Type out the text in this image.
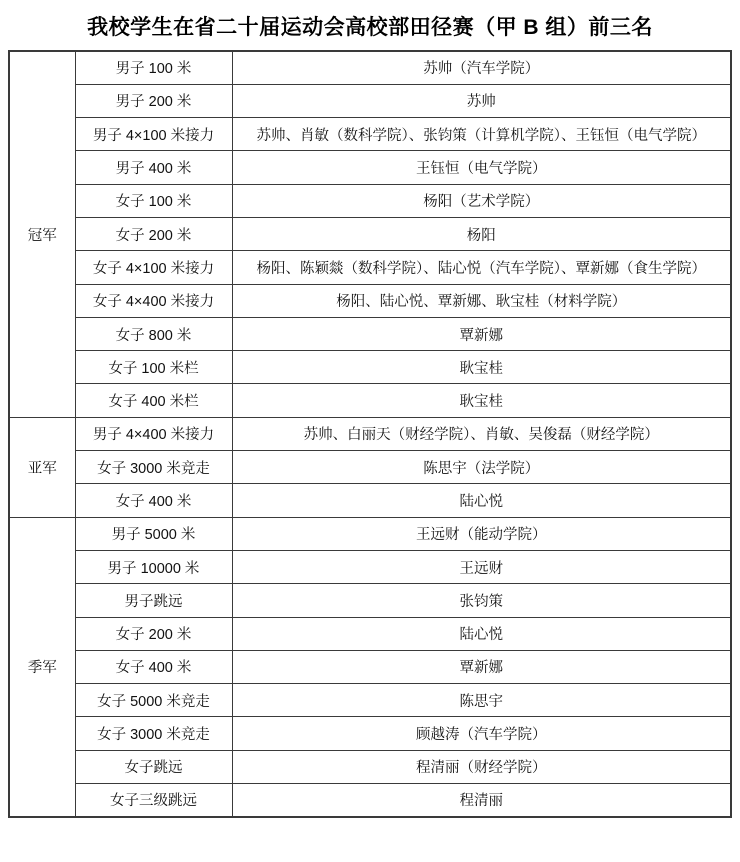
我校学生在省二十届运动会高校部田径赛（甲 B 组）前三名
冠军	男子 100 米	苏帅（汽车学院）
	男子 200 米	苏帅
	男子 4×100 米接力	苏帅、肖敏（数科学院）、张钧策（计算机学院）、王钰恒（电气学院）
	男子 400 米	王钰恒（电气学院）
	女子 100 米	杨阳（艺术学院）
	女子 200 米	杨阳
	女子 4×100 米接力	杨阳、陈颖燚（数科学院）、陆心悦（汽车学院）、覃新娜（食生学院）
	女子 4×400 米接力	杨阳、陆心悦、覃新娜、耿宝桂（材料学院）
	女子 800 米	覃新娜
	女子 100 米栏	耿宝桂
	女子 400 米栏	耿宝桂
亚军	男子 4×400 米接力	苏帅、白丽天（财经学院）、肖敏、吴俊磊（财经学院）
	女子 3000 米竞走	陈思宇（法学院）
	女子 400 米	陆心悦
季军	男子 5000 米	王远财（能动学院）
	男子 10000 米	王远财
	男子跳远	张钧策
	女子 200 米	陆心悦
	女子 400 米	覃新娜
	女子 5000 米竞走	陈思宇
	女子 3000 米竞走	顾越涛（汽车学院）
	女子跳远	程清丽（财经学院）
	女子三级跳远	程清丽
